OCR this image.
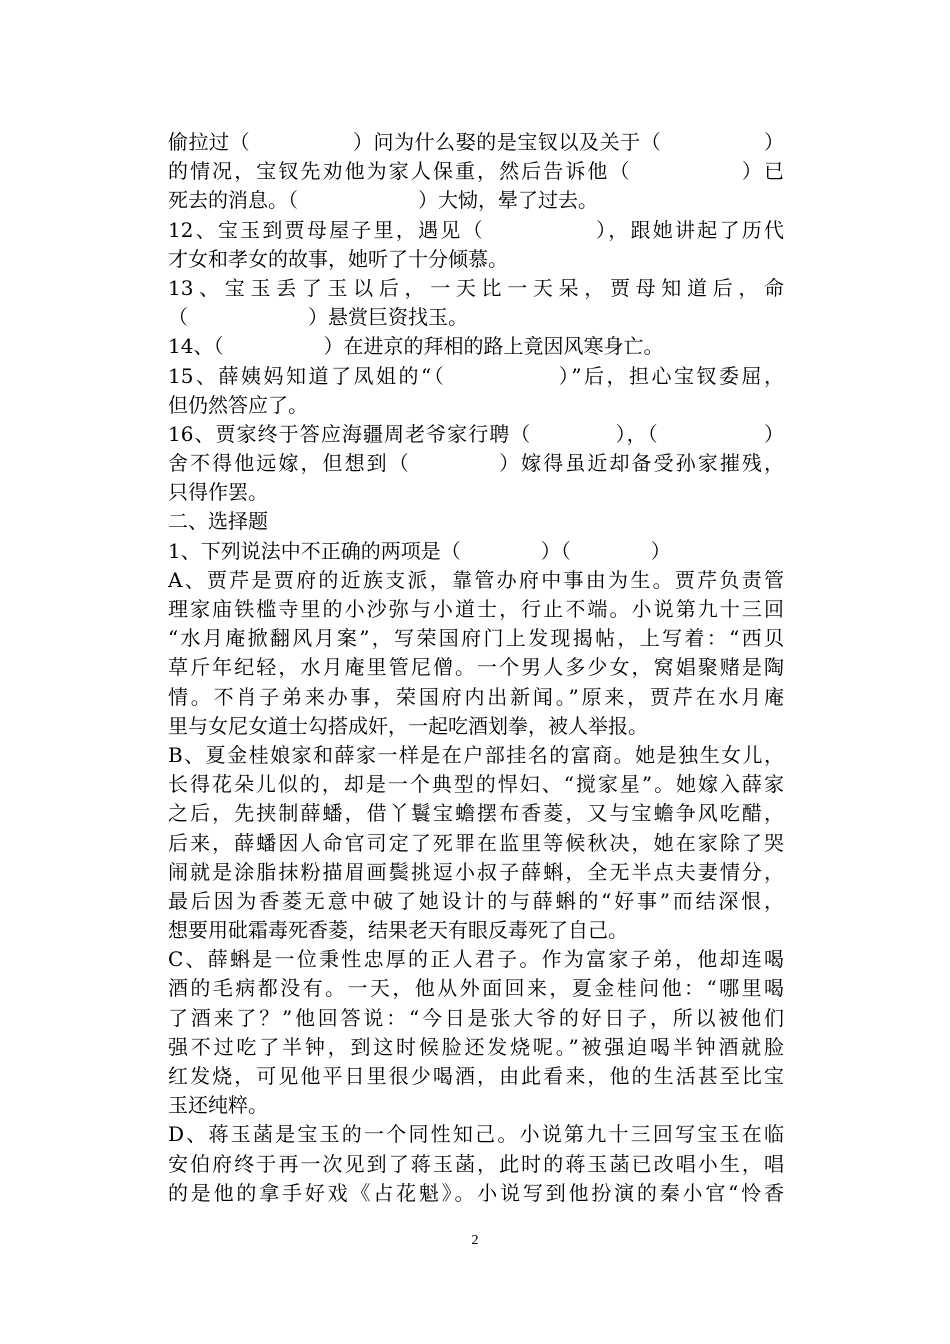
偷拉过（　　　　　）问为什么娶的是宝钗以及关于（　　　　　）
的情况，宝钗先劝他为家人保重，然后告诉他（　　　　　）已
死去的消息。（　　　　　　）大恸，晕了过去。
12、宝玉到贾母屋子里，遇见（　　　　　），跟她讲起了历代
才女和孝女的故事，她听了十分倾慕。
13、宝玉丢了玉以后，一天比一天呆，贾母知道后，命
（　　　　　　）悬赏巨资找玉。
14、（　　　　　）在进京的拜相的路上竟因风寒身亡。
15、薛姨妈知道了凤姐的“（　　　　　）”后，担心宝钗委屈，
但仍然答应了。
16、贾家终于答应海疆周老爷家行聘（　　　　），（　　　　　）
舍不得他远嫁，但想到（　　　　）嫁得虽近却备受孙家摧残，
只得作罢。
二、选择题
1、下列说法中不正确的两项是（　　　　）（　　　　）
A、贾芹是贾府的近族支派，靠管办府中事由为生。贾芹负责管
理家庙铁槛寺里的小沙弥与小道士，行止不端。小说第九十三回
“水月庵掀翻风月案”，写荣国府门上发现揭帖，上写着：“西贝
草斤年纪轻，水月庵里管尼僧。一个男人多少女，窝娼聚赌是陶
情。不肖子弟来办事，荣国府内出新闻。”原来，贾芹在水月庵
里与女尼女道士勾搭成奸，一起吃酒划拳，被人举报。
B、夏金桂娘家和薛家一样是在户部挂名的富商。她是独生女儿，
长得花朵儿似的，却是一个典型的悍妇、“搅家星”。她嫁入薛家
之后，先挟制薛蟠，借丫鬟宝蟾摆布香菱，又与宝蟾争风吃醋，
后来，薛蟠因人命官司定了死罪在监里等候秋决，她在家除了哭
闹就是涂脂抹粉描眉画鬓挑逗小叔子薛蝌，全无半点夫妻情分，
最后因为香菱无意中破了她设计的与薛蝌的“好事”而结深恨，
想要用砒霜毒死香菱，结果老天有眼反毒死了自己。
C、薛蝌是一位秉性忠厚的正人君子。作为富家子弟，他却连喝
酒的毛病都没有。一天，他从外面回来，夏金桂问他：“哪里喝
了酒来了？”他回答说：“今日是张大爷的好日子，所以被他们
强不过吃了半钟，到这时候脸还发烧呢。”被强迫喝半钟酒就脸
红发烧，可见他平日里很少喝酒，由此看来，他的生活甚至比宝
玉还纯粹。
D、蒋玉菡是宝玉的一个同性知己。小说第九十三回写宝玉在临
安伯府终于再一次见到了蒋玉菡，此时的蒋玉菡已改唱小生，唱
的是他的拿手好戏《占花魁》。小说写到他扮演的秦小官“怜香
2
